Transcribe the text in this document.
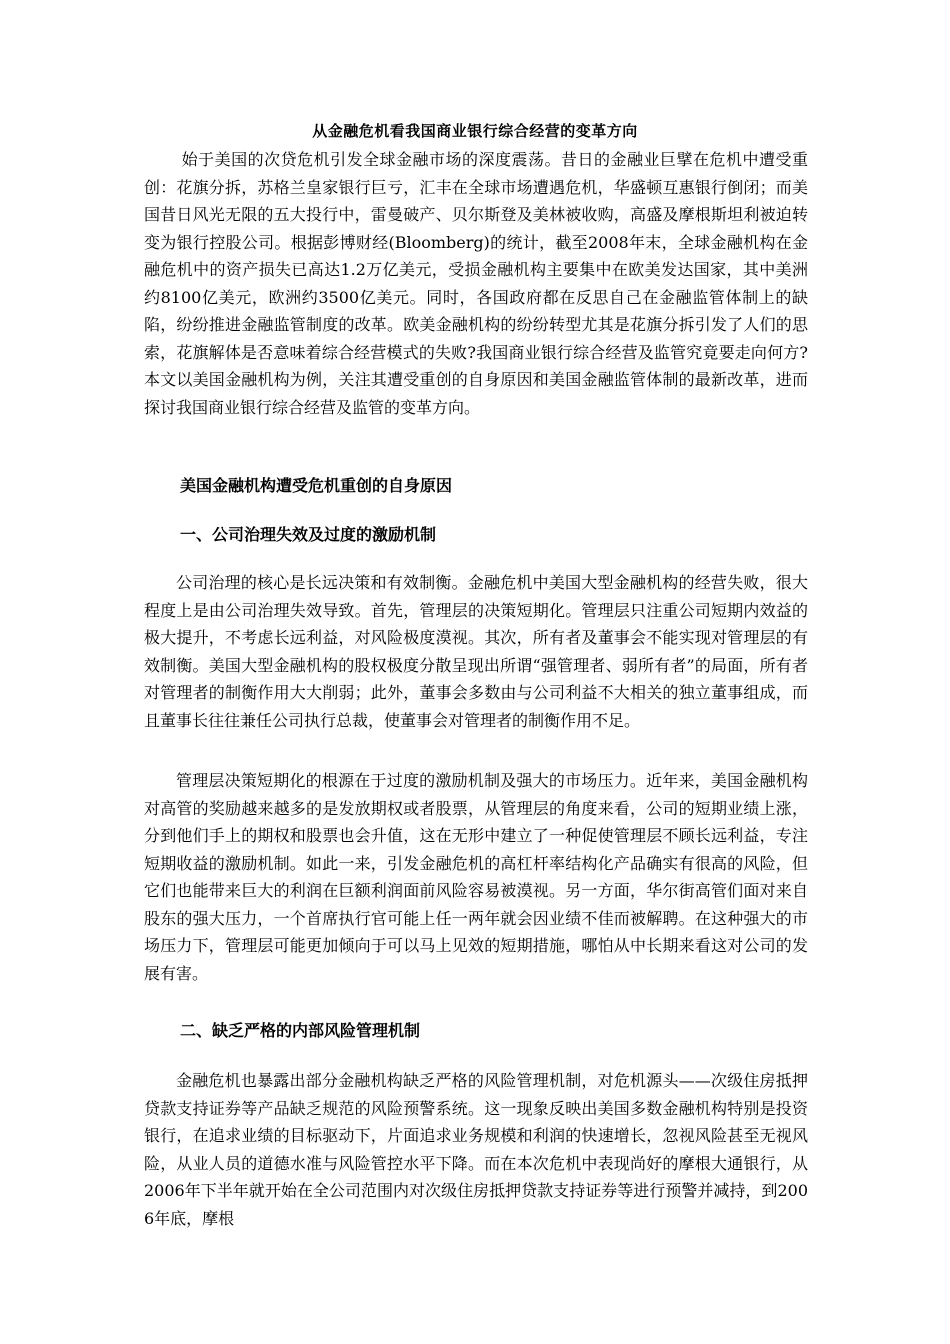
从金融危机看我国商业银行综合经营的变革方向

始于美国的次贷危机引发全球金融市场的深度震荡。昔日的金融业巨擘在危机中遭受重创：花旗分拆，苏格兰皇家银行巨亏，汇丰在全球市场遭遇危机，华盛顿互惠银行倒闭；而美国昔日风光无限的五大投行中，雷曼破产、贝尔斯登及美林被收购，高盛及摩根斯坦利被迫转变为银行控股公司。根据彭博财经(Bloomberg)的统计，截至2008年末，全球金融机构在金融危机中的资产损失已高达1.2万亿美元，受损金融机构主要集中在欧美发达国家，其中美洲约8100亿美元，欧洲约3500亿美元。同时，各国政府都在反思自己在金融监管体制上的缺陷，纷纷推进金融监管制度的改革。欧美金融机构的纷纷转型尤其是花旗分拆引发了人们的思索，花旗解体是否意味着综合经营模式的失败?我国商业银行综合经营及监管究竟要走向何方?本文以美国金融机构为例，关注其遭受重创的自身原因和美国金融监管体制的最新改革，进而探讨我国商业银行综合经营及监管的变革方向。

美国金融机构遭受危机重创的自身原因
一、公司治理失效及过度的激励机制

公司治理的核心是长远决策和有效制衡。金融危机中美国大型金融机构的经营失败，很大程度上是由公司治理失效导致。首先，管理层的决策短期化。管理层只注重公司短期内效益的极大提升，不考虑长远利益，对风险极度漠视。其次，所有者及董事会不能实现对管理层的有效制衡。美国大型金融机构的股权极度分散呈现出所谓“强管理者、弱所有者”的局面，所有者对管理者的制衡作用大大削弱；此外，董事会多数由与公司利益不大相关的独立董事组成，而且董事长往往兼任公司执行总裁，使董事会对管理者的制衡作用不足。

管理层决策短期化的根源在于过度的激励机制及强大的市场压力。近年来，美国金融机构对高管的奖励越来越多的是发放期权或者股票，从管理层的角度来看，公司的短期业绩上涨，分到他们手上的期权和股票也会升值，这在无形中建立了一种促使管理层不顾长远利益，专注短期收益的激励机制。如此一来，引发金融危机的高杠杆率结构化产品确实有很高的风险，但它们也能带来巨大的利润在巨额利润面前风险容易被漠视。另一方面，华尔街高管们面对来自股东的强大压力，一个首席执行官可能上任一两年就会因业绩不佳而被解聘。在这种强大的市场压力下，管理层可能更加倾向于可以马上见效的短期措施，哪怕从中长期来看这对公司的发展有害。

二、缺乏严格的内部风险管理机制

金融危机也暴露出部分金融机构缺乏严格的风险管理机制，对危机源头——次级住房抵押贷款支持证券等产品缺乏规范的风险预警系统。这一现象反映出美国多数金融机构特别是投资银行，在追求业绩的目标驱动下，片面追求业务规模和利润的快速增长，忽视风险甚至无视风险，从业人员的道德水准与风险管控水平下降。而在本次危机中表现尚好的摩根大通银行，从2006年下半年就开始在全公司范围内对次级住房抵押贷款支持证券等进行预警并减持，到2006年底，摩根
